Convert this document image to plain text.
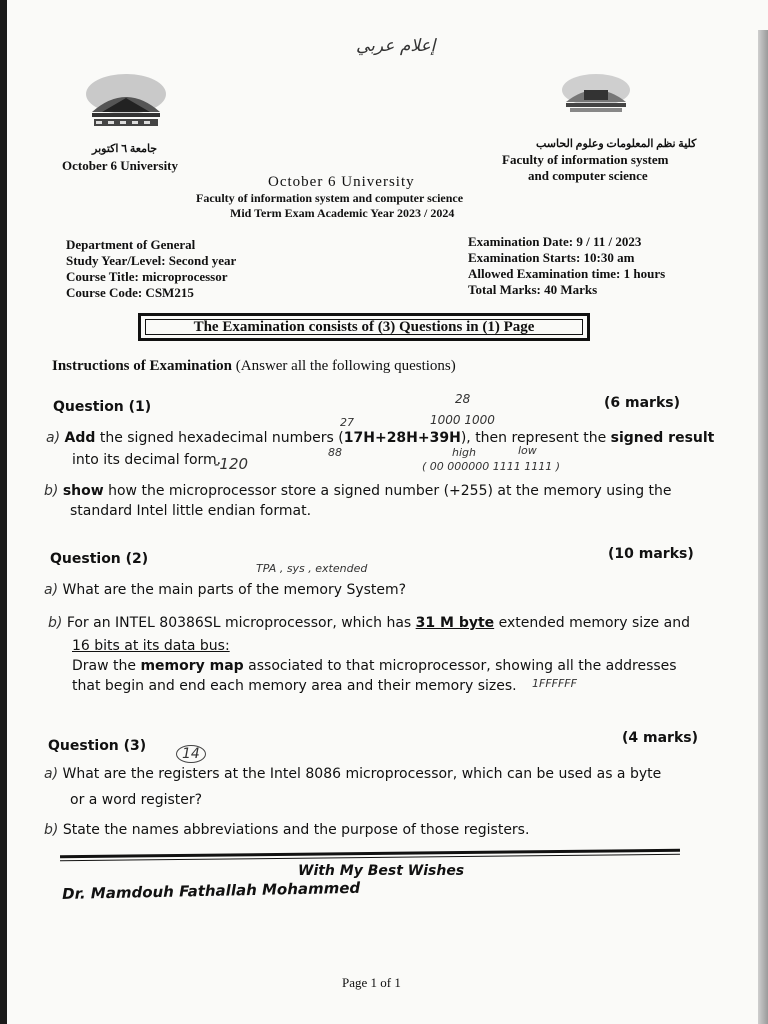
إعلام عربي
جامعة ٦ اكتوبر
October 6 University
كلية نظم المعلومات وعلوم الحاسب
Faculty of information system
and computer science
October 6 University
Faculty of information system and computer science
Mid Term Exam Academic Year 2023 / 2024
Department of General
Study Year/Level: Second year
Course Title: microprocessor
Course Code: CSM215
Examination Date: 9 / 11 / 2023
Examination Starts: 10:30 am
Allowed Examination time: 1 hours
Total Marks: 40 Marks
The Examination consists of (3) Questions in (1) Page
Instructions of Examination (Answer all the following questions)
Question (1)	(6 marks)
28
1000 1000
27
a) Add the signed hexadecimal numbers (17H+28H+39H), then represent the signed result
88	high	low
into its decimal form.
-120	( 00 000000 1111 1111 )
b) show how the microprocessor store a signed number (+255) at the memory using the
standard Intel little endian format.
Question (2)	(10 marks)
TPA , sys , extended
a) What are the main parts of the memory System?
b) For an INTEL 80386SL microprocessor, which has 31 M byte extended memory size and
16 bits at its data bus:
Draw the memory map associated to that microprocessor, showing all the addresses
that begin and end each memory area and their memory sizes. 1FFFFFF
Question (3)	14
(4 marks)
a) What are the registers at the Intel 8086 microprocessor, which can be used as a byte
or a word register?
b) State the names abbreviations and the purpose of those registers.
With My Best Wishes
Dr. Mamdouh Fathallah Mohammed
Page 1 of 1
